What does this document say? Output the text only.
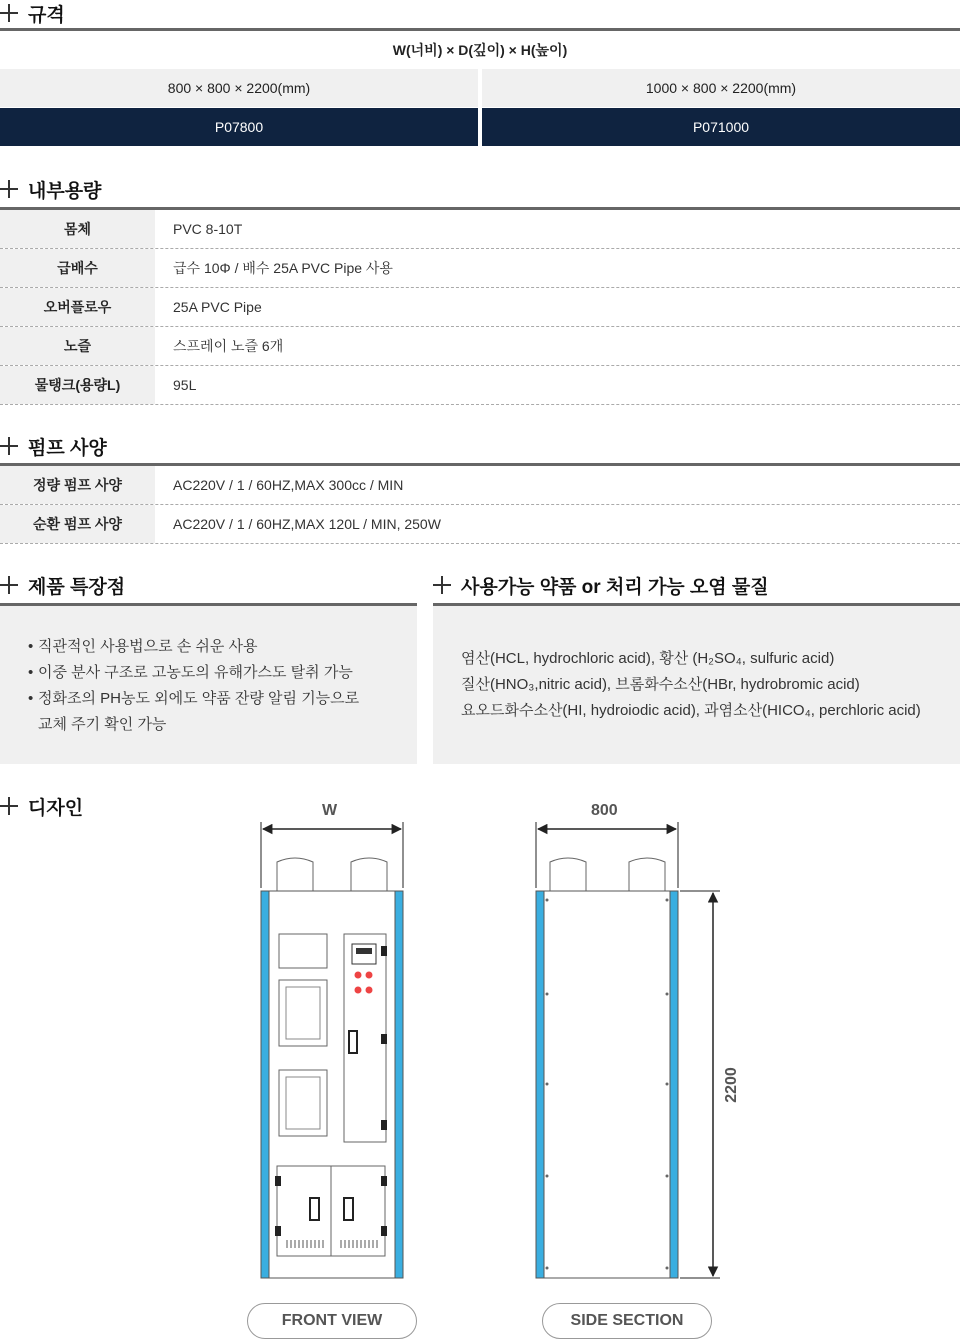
규격
W(너비) × D(깊이) × H(높이)
800 × 800 × 2200(mm)	1000 × 800 × 2200(mm)
P07800	P071000
내부용량
몸체	PVC 8-10T
급배수	급수 10Φ / 배수 25A PVC Pipe 사용
오버플로우	25A PVC Pipe
노즐	스프레이 노즐 6개
물탱크(용량L)	95L
펌프 사양
정량 펌프 사양	AC220V / 1 / 60HZ,MAX 300cc / MIN
순환 펌프 사양	AC220V / 1 / 60HZ,MAX 120L / MIN, 250W
제품 특장점
• 직관적인 사용법으로 손 쉬운 사용
• 이중 분사 구조로 고농도의 유해가스도 탈취 가능
• 정화조의 PH농도 외에도 약품 잔량 알림 기능으로
교체 주기 확인 가능
사용가능 약품 or 처리 가능 오염 물질
염산(HCL, hydrochloric acid), 황산 (H₂SO₄, sulfuric acid)
질산(HNO₃,nitric acid), 브롬화수소산(HBr, hydrobromic acid)
요오드화수소산(HI, hydroiodic acid), 과염소산(HICO₄, perchloric acid)
디자인	W	800
2200
FRONT VIEW	SIDE SECTION
